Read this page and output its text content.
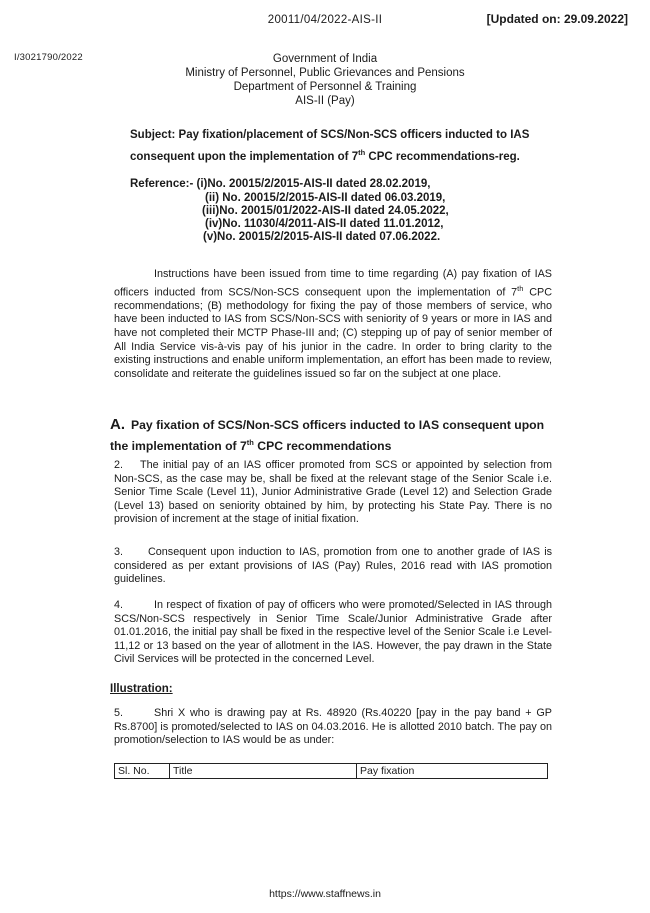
20011/04/2022-AIS-II	[Updated on: 29.09.2022]
I/3021790/2022	Government of India
Ministry of Personnel, Public Grievances and Pensions
Department of Personnel & Training
AIS-II (Pay)
Subject: Pay fixation/placement of SCS/Non-SCS officers inducted to IAS consequent upon the implementation of 7th CPC recommendations-reg.
Reference:- (i)No. 20015/2/2015-AIS-II dated 28.02.2019,
(ii) No. 20015/2/2015-AIS-II dated 06.03.2019,
(iii)No. 20015/01/2022-AIS-II dated 24.05.2022,
(iv)No. 11030/4/2011-AIS-II dated 11.01.2012,
(v)No. 20015/2/2015-AIS-II dated 07.06.2022.
Instructions have been issued from time to time regarding (A) pay fixation of IAS officers inducted from SCS/Non-SCS consequent upon the implementation of 7th CPC recommendations; (B) methodology for fixing the pay of those members of service, who have been inducted to IAS from SCS/Non-SCS with seniority of 9 years or more in IAS and have not completed their MCTP Phase-III and; (C) stepping up of pay of senior member of All India Service vis-à-vis pay of his junior in the cadre. In order to bring clarity to the existing instructions and enable uniform implementation, an effort has been made to review, consolidate and reiterate the guidelines issued so far on the subject at one place.
A. Pay fixation of SCS/Non-SCS officers inducted to IAS consequent upon the implementation of 7th CPC recommendations
2. The initial pay of an IAS officer promoted from SCS or appointed by selection from Non-SCS, as the case may be, shall be fixed at the relevant stage of the Senior Scale i.e. Senior Time Scale (Level 11), Junior Administrative Grade (Level 12) and Selection Grade (Level 13) based on seniority obtained by him, by protecting his State Pay. There is no provision of increment at the stage of initial fixation.
3. Consequent upon induction to IAS, promotion from one to another grade of IAS is considered as per extant provisions of IAS (Pay) Rules, 2016 read with IAS promotion guidelines.
4.	In respect of fixation of pay of officers who were promoted/Selected in IAS through SCS/Non-SCS respectively in Senior Time Scale/Junior Administrative Grade after 01.01.2016, the initial pay shall be fixed in the respective level of the Senior Scale i.e Level-11,12 or 13 based on the year of allotment in the IAS. However, the pay drawn in the State Civil Services will be protected in the concerned Level.
Illustration:
5.	Shri X who is drawing pay at Rs. 48920 (Rs.40220 [pay in the pay band + GP Rs.8700] is promoted/selected to IAS on 04.03.2016. He is allotted 2010 batch. The pay on promotion/selection to IAS would be as under:
Sl. No.	Title	Pay fixation
https://www.staffnews.in
